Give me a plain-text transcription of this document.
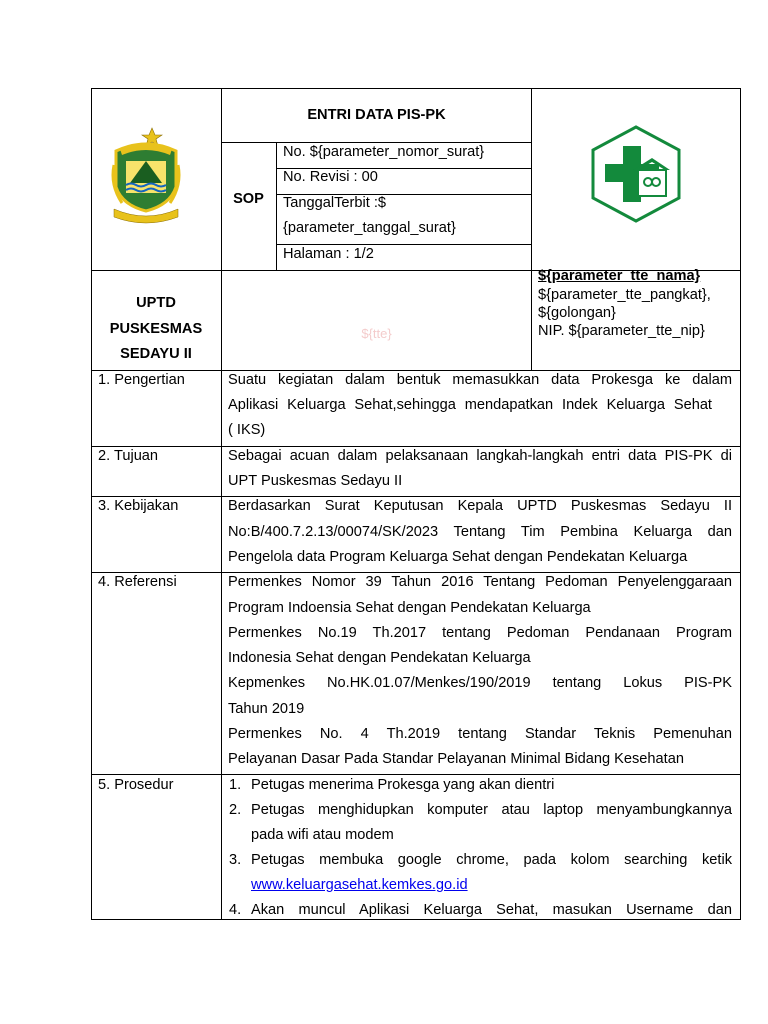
ENTRI DATA PIS-PK
SOP
No. ${parameter_nomor_surat}
No. Revisi : 00
TanggalTerbit :$
{parameter_tanggal_surat}
Halaman : 1/2
UPTD
PUSKESMAS
SEDAYU II
${tte}
${parameter_tte_nama}
${parameter_tte_pangkat},
${golongan}
NIP. ${parameter_tte_nip}
1. Pengertian	Suatu kegiatan dalam bentuk memasukkan data Prokesga ke dalam
Aplikasi Keluarga Sehat,sehingga mendapatkan Indek Keluarga Sehat
( IKS)
2. Tujuan	Sebagai acuan dalam pelaksanaan langkah-langkah entri data PIS-PK di
UPT Puskesmas Sedayu II
3. Kebijakan	Berdasarkan Surat Keputusan Kepala UPTD Puskesmas Sedayu II
No:B/400.7.2.13/00074/SK/2023 Tentang Tim Pembina Keluarga dan
Pengelola data Program Keluarga Sehat dengan Pendekatan Keluarga
4. Referensi	Permenkes Nomor 39 Tahun 2016 Tentang Pedoman Penyelenggaraan
Program Indoensia Sehat dengan Pendekatan Keluarga
Permenkes No.19 Th.2017 tentang Pedoman Pendanaan Program
Indonesia Sehat dengan Pendekatan Keluarga
Kepmenkes No.HK.01.07/Menkes/190/2019 tentang Lokus PIS-PK
Tahun 2019
Permenkes No. 4 Th.2019 tentang Standar Teknis Pemenuhan
Pelayanan Dasar Pada Standar Pelayanan Minimal Bidang Kesehatan
5. Prosedur	1. Petugas menerima Prokesga yang akan dientri
2. Petugas menghidupkan komputer atau laptop menyambungkannya
pada wifi atau modem
3. Petugas membuka google chrome, pada kolom searching ketik
www.keluargasehat.kemkes.go.id
4. Akan muncul Aplikasi Keluarga Sehat, masukan Username dan
